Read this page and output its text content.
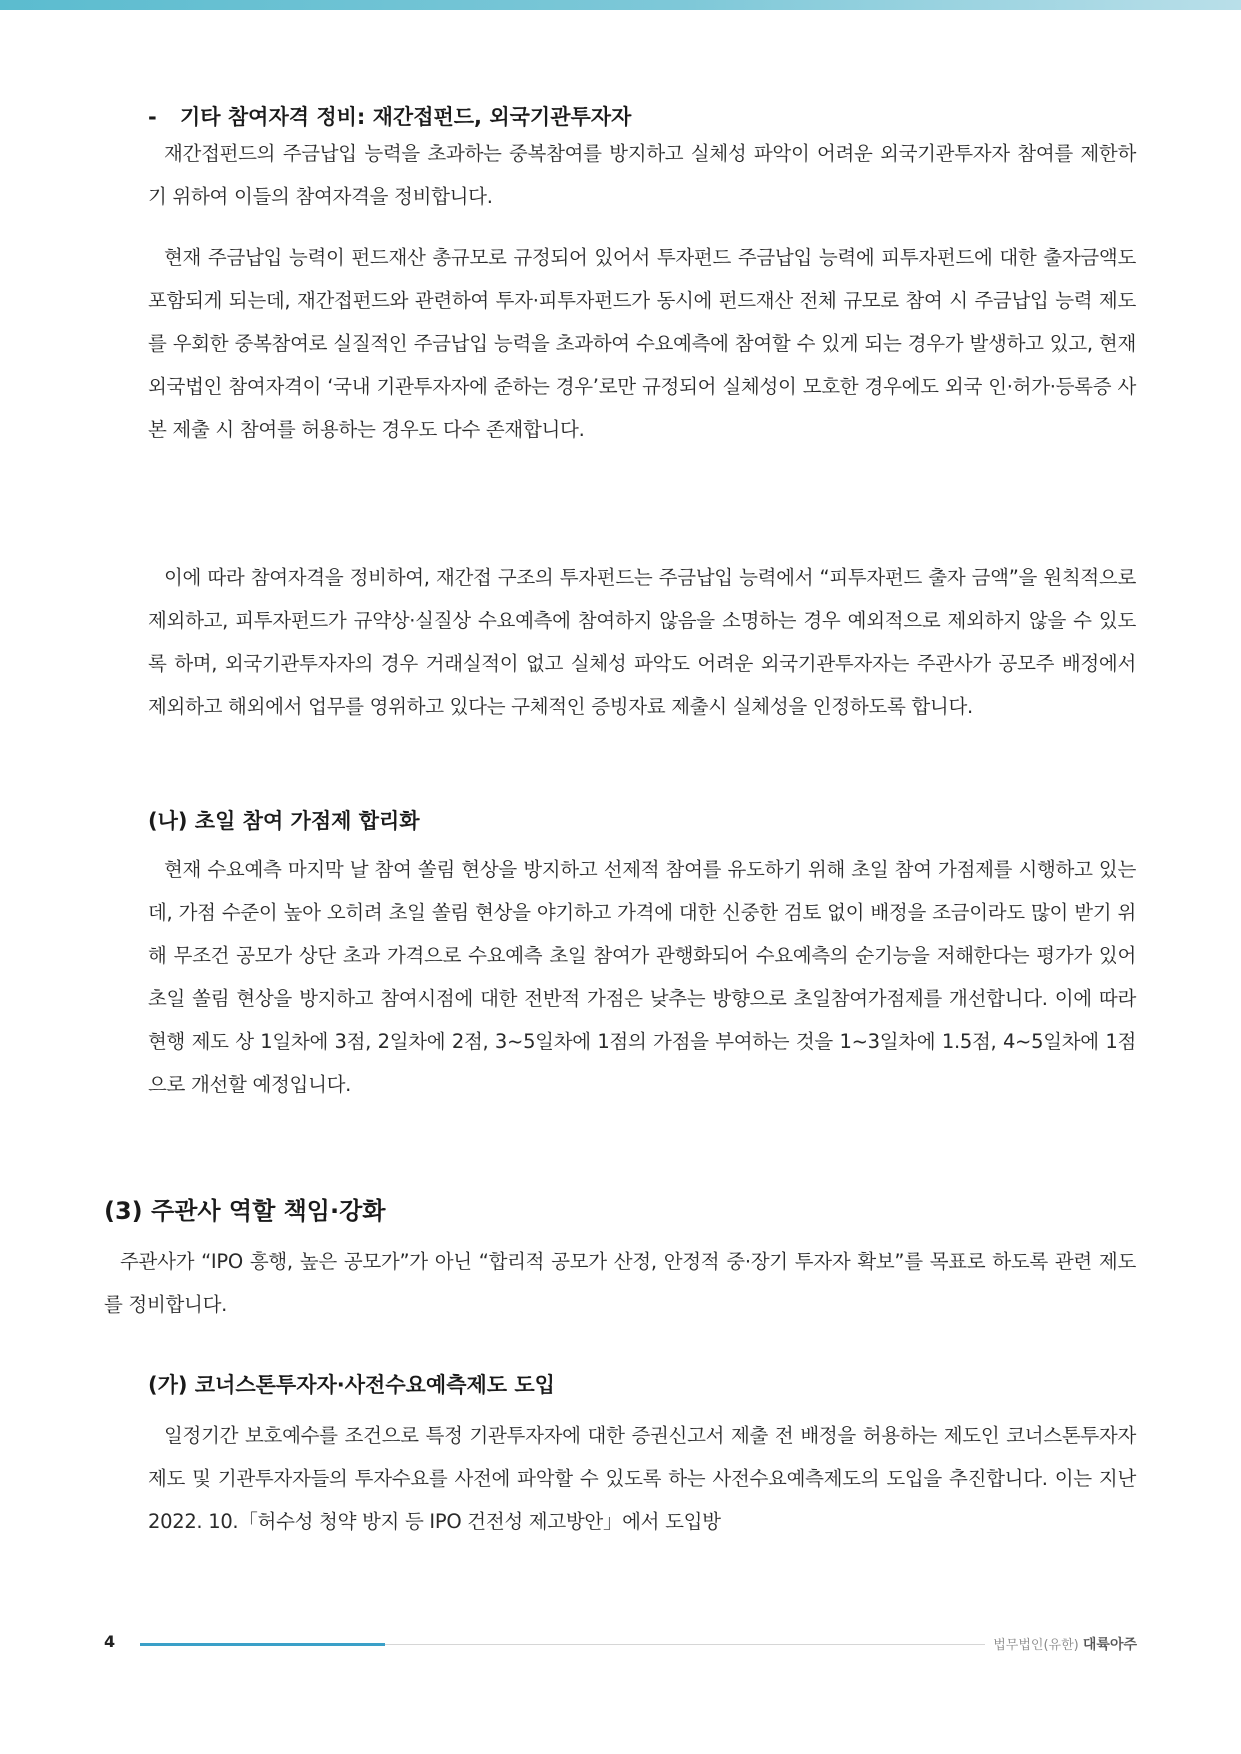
- 기타 참여자격 정비: 재간접펀드, 외국기관투자자

재간접펀드의 주금납입 능력을 초과하는 중복참여를 방지하고 실체성 파악이 어려운 외국기관투자자 참여를 제한하기 위하여 이들의 참여자격을 정비합니다.

현재 주금납입 능력이 펀드재산 총규모로 규정되어 있어서 투자펀드 주금납입 능력에 피투자펀드에 대한 출자금액도 포함되게 되는데, 재간접펀드와 관련하여 투자·피투자펀드가 동시에 펀드재산 전체 규모로 참여 시 주금납입 능력 제도를 우회한 중복참여로 실질적인 주금납입 능력을 초과하여 수요예측에 참여할 수 있게 되는 경우가 발생하고 있고, 현재 외국법인 참여자격이 ‘국내 기관투자자에 준하는 경우’로만 규정되어 실체성이 모호한 경우에도 외국 인·허가·등록증 사본 제출 시 참여를 허용하는 경우도 다수 존재합니다.

이에 따라 참여자격을 정비하여, 재간접 구조의 투자펀드는 주금납입 능력에서 “피투자펀드 출자 금액”을 원칙적으로 제외하고, 피투자펀드가 규약상·실질상 수요예측에 참여하지 않음을 소명하는 경우 예외적으로 제외하지 않을 수 있도록 하며, 외국기관투자자의 경우 거래실적이 없고 실체성 파악도 어려운 외국기관투자자는 주관사가 공모주 배정에서 제외하고 해외에서 업무를 영위하고 있다는 구체적인 증빙자료 제출시 실체성을 인정하도록 합니다.

(나) 초일 참여 가점제 합리화

현재 수요예측 마지막 날 참여 쏠림 현상을 방지하고 선제적 참여를 유도하기 위해 초일 참여 가점제를 시행하고 있는데, 가점 수준이 높아 오히려 초일 쏠림 현상을 야기하고 가격에 대한 신중한 검토 없이 배정을 조금이라도 많이 받기 위해 무조건 공모가 상단 초과 가격으로 수요예측 초일 참여가 관행화되어 수요예측의 순기능을 저해한다는 평가가 있어 초일 쏠림 현상을 방지하고 참여시점에 대한 전반적 가점은 낮추는 방향으로 초일참여가점제를 개선합니다. 이에 따라 현행 제도 상 1일차에 3점, 2일차에 2점, 3~5일차에 1점의 가점을 부여하는 것을 1~3일차에 1.5점, 4~5일차에 1점으로 개선할 예정입니다.

(3) 주관사 역할 책임·강화

주관사가 “IPO 흥행, 높은 공모가”가 아닌 “합리적 공모가 산정, 안정적 중·장기 투자자 확보”를 목표로 하도록 관련 제도를 정비합니다.

(가) 코너스톤투자자·사전수요예측제도 도입

일정기간 보호예수를 조건으로 특정 기관투자자에 대한 증권신고서 제출 전 배정을 허용하는 제도인 코너스톤투자자제도 및 기관투자자들의 투자수요를 사전에 파악할 수 있도록 하는 사전수요예측제도의 도입을 추진합니다. 이는 지난 2022. 10.「허수성 청약 방지 등 IPO 건전성 제고방안」에서 도입방

4	법무법인(유한) 대륙아주
